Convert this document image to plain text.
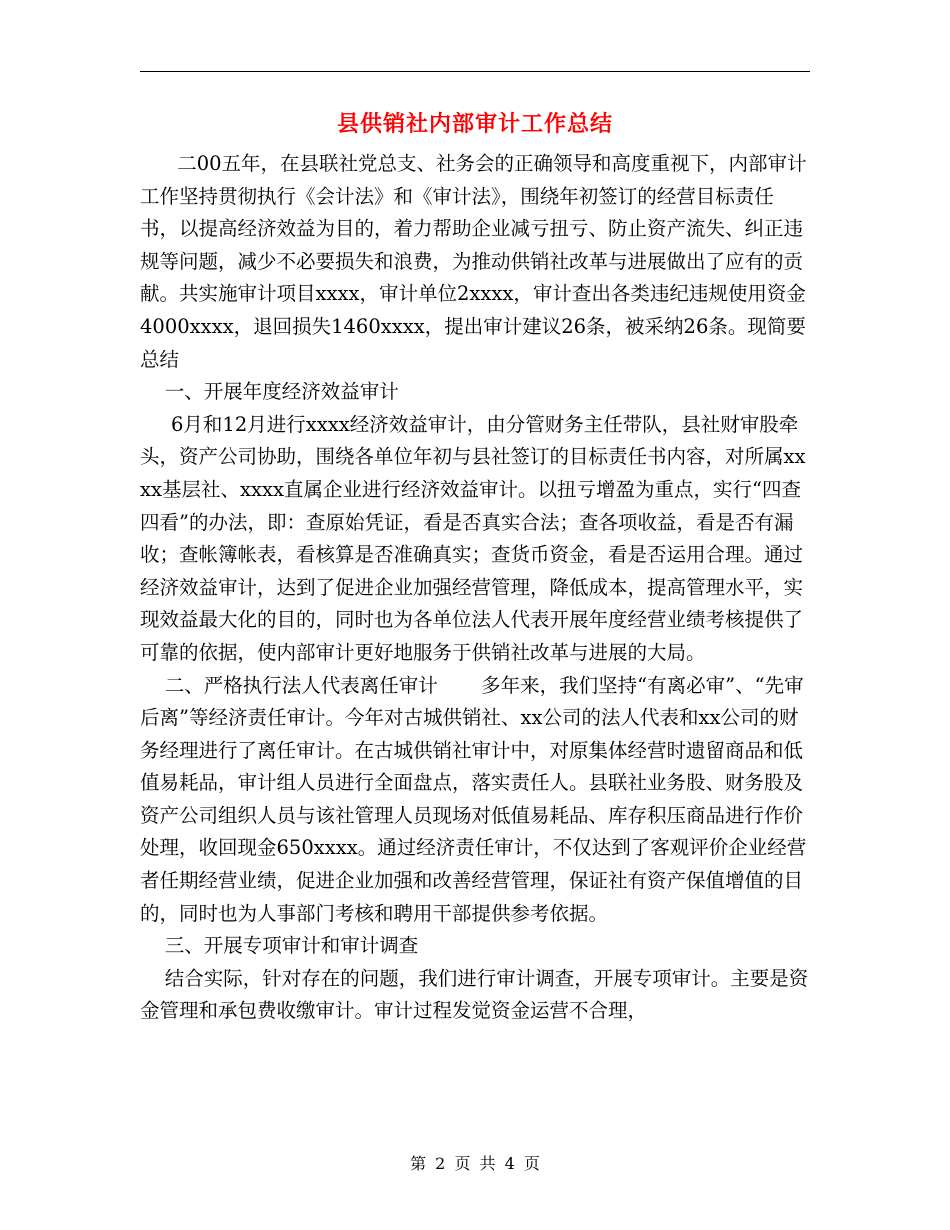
县供销社内部审计工作总结

二00五年，在县联社党总支、社务会的正确领导和高度重视下，内部审计工作坚持贯彻执行《会计法》和《审计法》，围绕年初签订的经营目标责任书，以提高经济效益为目的，着力帮助企业减亏扭亏、防止资产流失、纠正违规等问题，减少不必要损失和浪费，为推动供销社改革与进展做出了应有的贡献。共实施审计项目xxxx，审计单位2xxxx，审计查出各类违纪违规使用资金4000xxxx，退回损失1460xxxx，提出审计建议26条，被采纳26条。现简要总结

一、开展年度经济效益审计

6月和12月进行xxxx经济效益审计，由分管财务主任带队，县社财审股牵头，资产公司协助，围绕各单位年初与县社签订的目标责任书内容，对所属xxxx基层社、xxxx直属企业进行经济效益审计。以扭亏增盈为重点，实行“四查四看”的办法，即：查原始凭证，看是否真实合法；查各项收益，看是否有漏收；查帐簿帐表，看核算是否准确真实；查货币资金，看是否运用合理。通过经济效益审计，达到了促进企业加强经营管理，降低成本，提高管理水平，实现效益最大化的目的，同时也为各单位法人代表开展年度经营业绩考核提供了可靠的依据，使内部审计更好地服务于供销社改革与进展的大局。

二、严格执行法人代表离任审计       多年来，我们坚持“有离必审”、“先审后离”等经济责任审计。今年对古城供销社、xx公司的法人代表和xx公司的财务经理进行了离任审计。在古城供销社审计中，对原集体经营时遗留商品和低值易耗品，审计组人员进行全面盘点，落实责任人。县联社业务股、财务股及资产公司组织人员与该社管理人员现场对低值易耗品、库存积压商品进行作价处理，收回现金650xxxx。通过经济责任审计，不仅达到了客观评价企业经营者任期经营业绩，促进企业加强和改善经营管理，保证社有资产保值增值的目的，同时也为人事部门考核和聘用干部提供参考依据。

三、开展专项审计和审计调查

结合实际，针对存在的问题，我们进行审计调查，开展专项审计。主要是资金管理和承包费收缴审计。审计过程发觉资金运营不合理，

第 2 页 共 4 页
